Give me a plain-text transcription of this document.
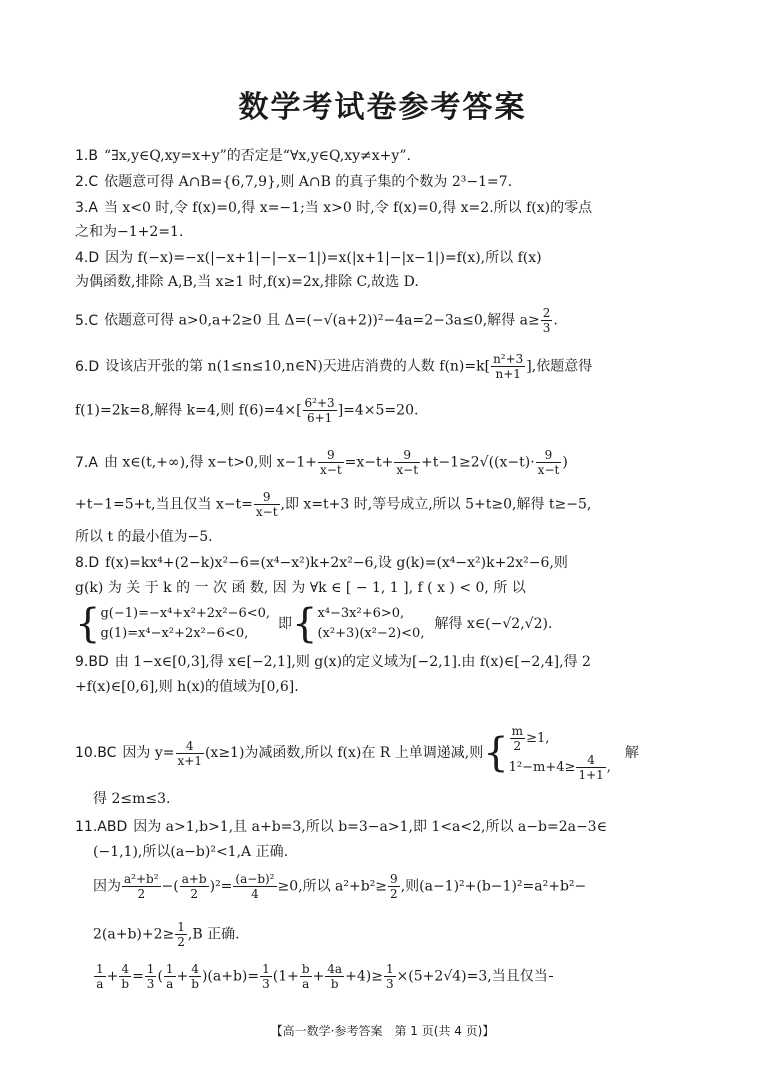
数学考试卷参考答案
1.B “∃x,y∈Q,xy=x+y”的否定是“∀x,y∈Q,xy≠x+y”.
2.C 依题意可得 A∩B={6,7,9},则 A∩B 的真子集的个数为 2³−1=7.
3.A 当 x<0 时,令 f(x)=0,得 x=−1;当 x>0 时,令 f(x)=0,得 x=2.所以 f(x)的零点
之和为−1+2=1.
4.D 因为 f(−x)=−x(|−x+1|−|−x−1|)=x(|x+1|−|x−1|)=f(x),所以 f(x)
为偶函数,排除 A,B,当 x≥1 时,f(x)=2x,排除 C,故选 D.
5.C 依题意可得 a>0,a+2≥0 且 Δ=(−√(a+2))²−4a=2−3a≤0,解得 $a\ge \frac{2}{3}$ .
6.D 设该店开张的第 n(1≤n≤10,n∈N)天进店消费的人数 $f(n)=k[ \frac{\text{n²+3}}{n+1}$ ],依题意得
f(1)=2k=8,解得 k=4,则 $f(6)=4\times[ \frac{\text{6²+3}}{6+1} ]=4\times 5=20$.
7.A 由 x∈(t,+∞),得 x−t>0,则 $x-1+ \frac{9}{x-t} =x-t+ \frac{9}{x-t} +t-1\ge 2√((x-t)\cdot \frac{9}{x-t}$ )
+t−1=5+t,当且仅当 $x-t= \frac{9}{x-t}$ ,即 x=t+3 时,等号成立,所以 5+t≥0,解得 t≥−5,
所以 t 的最小值为−5.
8.D f(x)=kx⁴+(2−k)x²−6=(x⁴−x²)k+2x²−6,设 g(k)=(x⁴−x²)k+2x²−6,则
g(k) 为 关 于 k 的 一 次 函 数, 因 为 ∀k ∈ [ − 1, 1 ], f ( x ) < 0, 所 以
{ g(−1)=−x⁴+x²+2x²−6<0,
g(1)=x⁴−x²+2x²−6<0,
即{ x⁴−3x²+6>0,
(x²+3)(x²−2)<0,
解得 x∈(−√2,√2).
9.BD 由 1−x∈[0,3],得 x∈[−2,1],则 g(x)的定义域为[−2,1].由 f(x)∈[−2,4],得 2
+f(x)∈[0,6],则 h(x)的值域为[0,6].
10.BC 因为 $y= \frac{4}{x+1} (x\ge 1)$为减函数,所以 f(x)在 R 上单调递减,则{ $\frac{m}{2} \ge 1$,
$1^2-m+4\ge \frac{4}{1+1}$ ,
解
得 2≤m≤3.
11.ABD 因为 a>1,b>1,且 a+b=3,所以 b=3−a>1,即 1<a<2,所以 a−b=2a−3∈
(−1,1),所以(a−b)²<1,A 正确.
因为 $\frac{\text{a²+b²}}{2}$ −( $\frac{a+b}{2} )^2= \frac{\text{(a−b)²}}{4} \ge 0$,所以 $a^2+b^2\ge \frac{9}{2}$ ,则(a−1)²+(b−1)²=a²+b²−
$2(a+b)+2\ge \frac{1}{2} ,B$ 正确.
$\frac{1}{a} + \frac{4}{b} = \frac{1}{3}$ ( $\frac{1}{a} + \frac{4}{b} )(a+b)= \frac{1}{3} (1+ \frac{b}{a} + \frac{4a}{b} +4)\ge \frac{1}{3} \times(5+2√4)=3$,当且仅当
【高一数学·参考答案　第 1 页(共 4 页)】
